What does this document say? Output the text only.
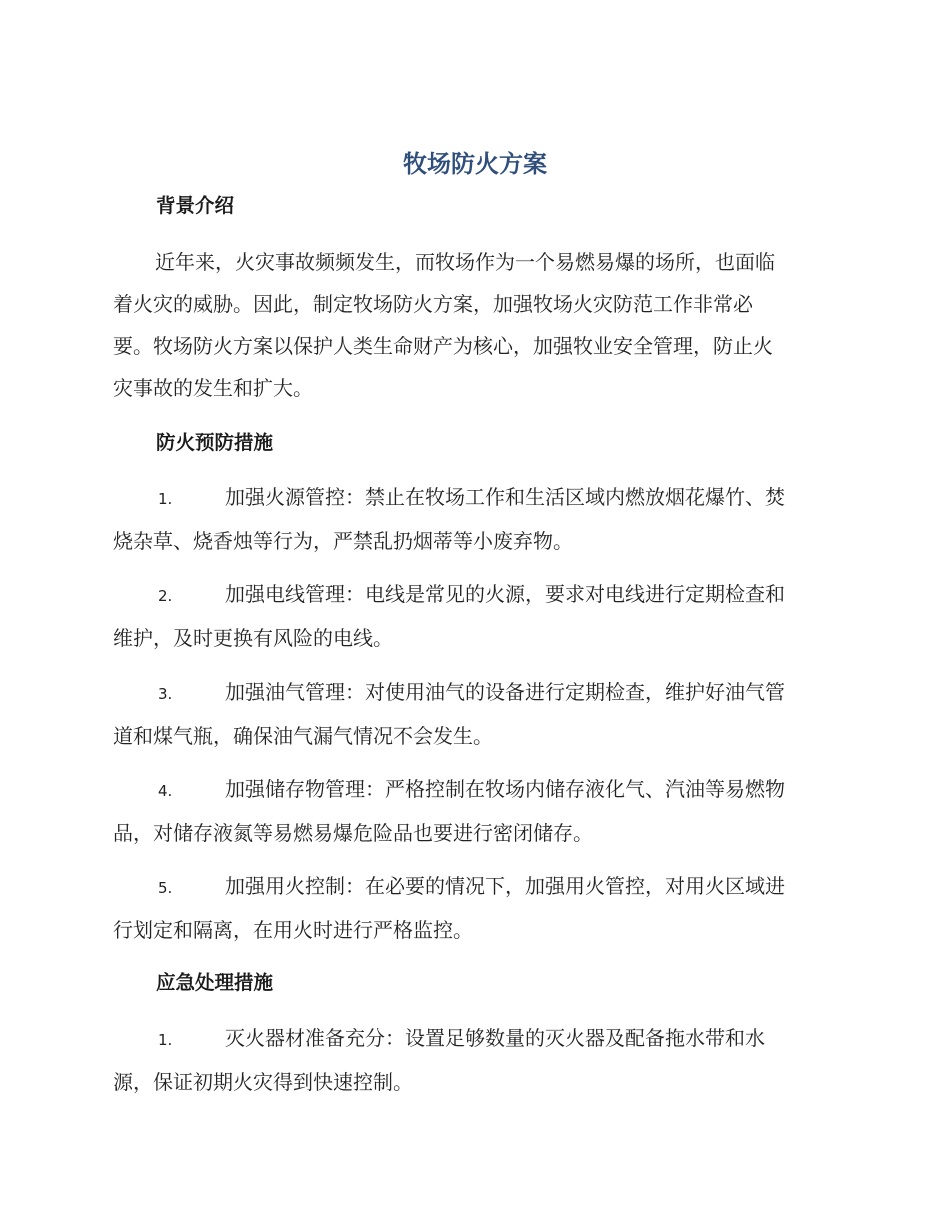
牧场防火方案
背景介绍
近年来，火灾事故频频发生，而牧场作为一个易燃易爆的场所，也面临
着火灾的威胁。因此，制定牧场防火方案，加强牧场火灾防范工作非常必
要。牧场防火方案以保护人类生命财产为核心，加强牧业安全管理，防止火
灾事故的发生和扩大。
防火预防措施
1.	加强火源管控：禁止在牧场工作和生活区域内燃放烟花爆竹、焚
烧杂草、烧香烛等行为，严禁乱扔烟蒂等小废弃物。
2.	加强电线管理：电线是常见的火源，要求对电线进行定期检查和
维护，及时更换有风险的电线。
3.	加强油气管理：对使用油气的设备进行定期检查，维护好油气管
道和煤气瓶，确保油气漏气情况不会发生。
4.	加强储存物管理：严格控制在牧场内储存液化气、汽油等易燃物
品，对储存液氮等易燃易爆危险品也要进行密闭储存。
5.	加强用火控制：在必要的情况下，加强用火管控，对用火区域进
行划定和隔离，在用火时进行严格监控。
应急处理措施
1.	灭火器材准备充分：设置足够数量的灭火器及配备拖水带和水
源，保证初期火灾得到快速控制。
